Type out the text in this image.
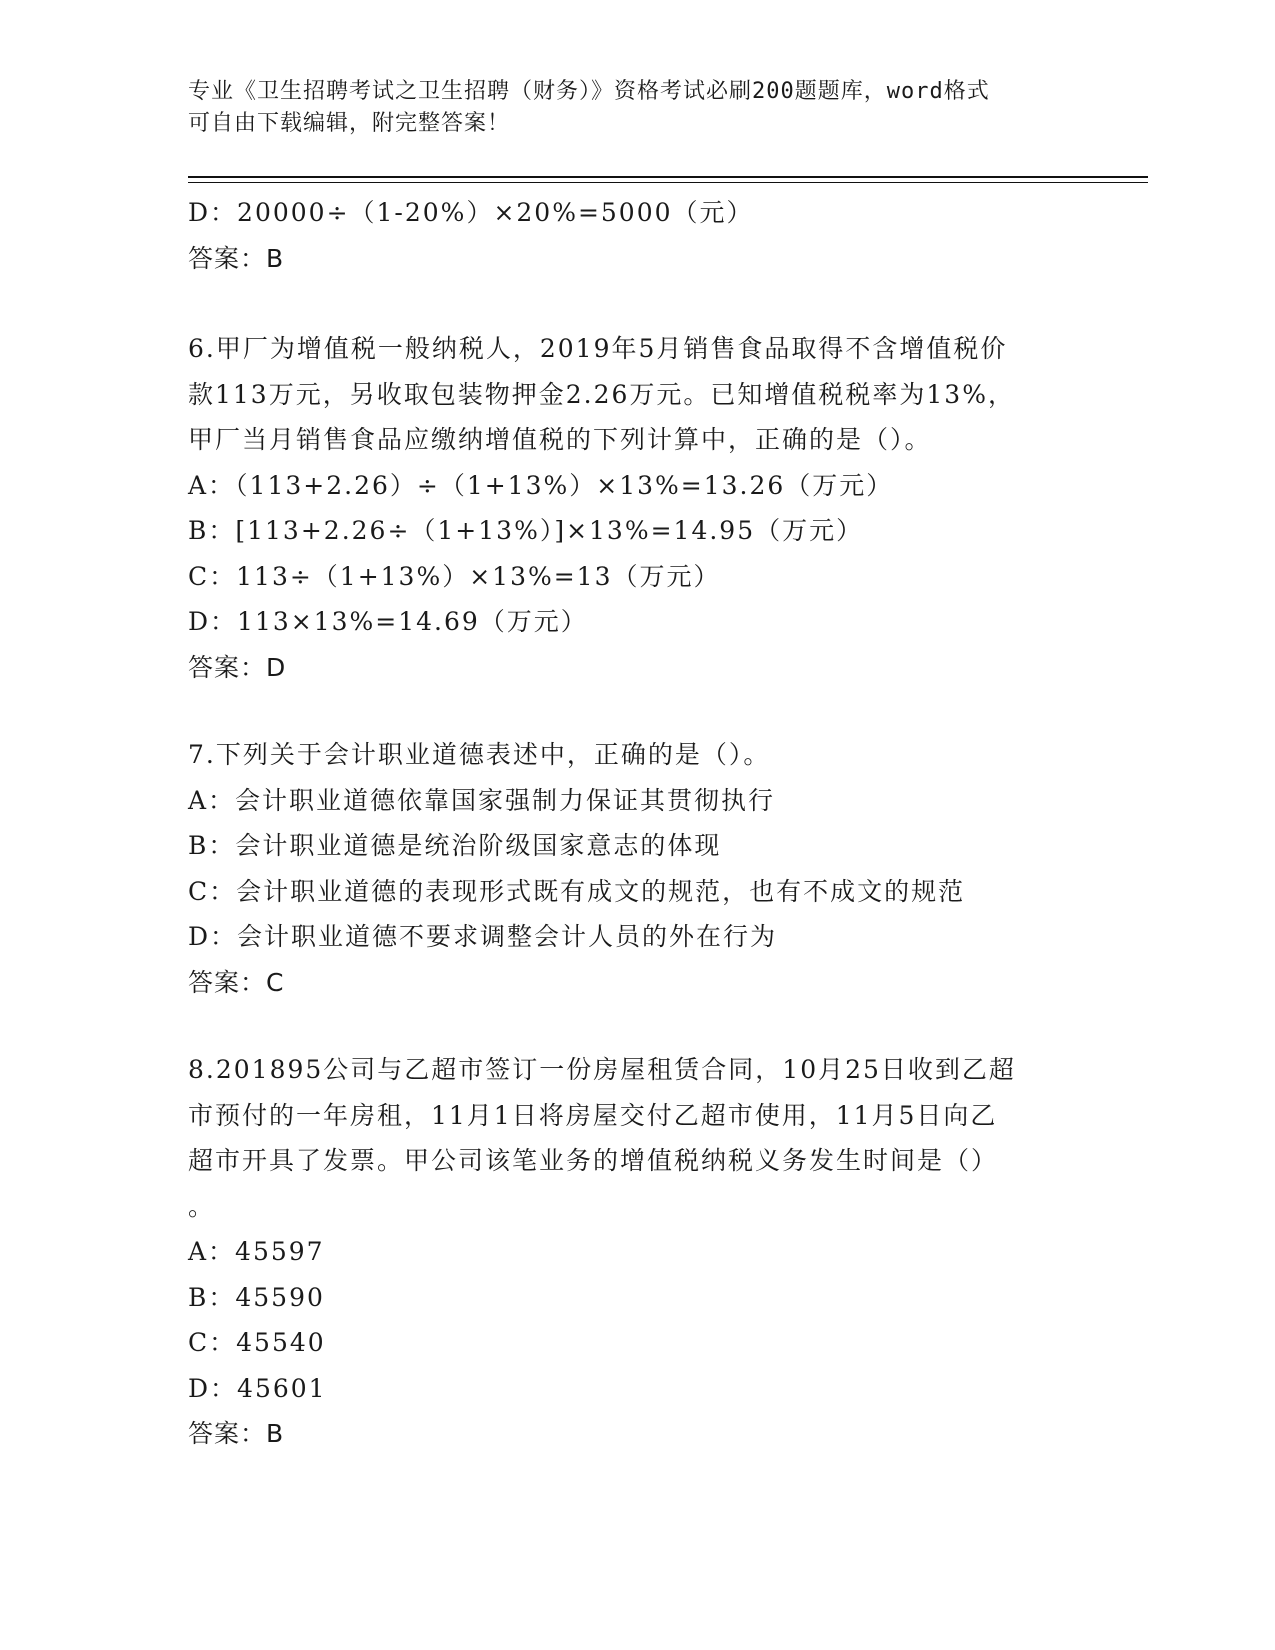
专业《卫生招聘考试之卫生招聘（财务）》资格考试必刷200题题库，word格式
可自由下载编辑，附完整答案！
D：20000÷（1-20%）×20%=5000（元）
答案：B
6.甲厂为增值税一般纳税人，2019年5月销售食品取得不含增值税价
款113万元，另收取包装物押金2.26万元。已知增值税税率为13%，
甲厂当月销售食品应缴纳增值税的下列计算中，正确的是（）。
A：（113+2.26）÷（1+13%）×13%=13.26（万元）
B：[113+2.26÷（1+13%）]×13%=14.95（万元）
C：113÷（1+13%）×13%=13（万元）
D：113×13%=14.69（万元）
答案：D
7.下列关于会计职业道德表述中，正确的是（）。
A：会计职业道德依靠国家强制力保证其贯彻执行
B：会计职业道德是统治阶级国家意志的体现
C：会计职业道德的表现形式既有成文的规范，也有不成文的规范
D：会计职业道德不要求调整会计人员的外在行为
答案：C
8.201895公司与乙超市签订一份房屋租赁合同，10月25日收到乙超
市预付的一年房租，11月1日将房屋交付乙超市使用，11月5日向乙
超市开具了发票。甲公司该笔业务的增值税纳税义务发生时间是（）
。
A：45597
B：45590
C：45540
D：45601
答案：B
